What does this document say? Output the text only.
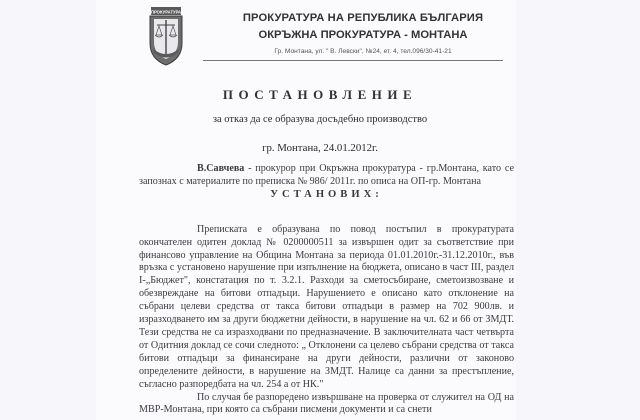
ПРОКУРАТУРА
ПРОКУРАТУРА НА РЕПУБЛИКА БЪЛГАРИЯ
ОКРЪЖНА ПРОКУРАТУРА - МОНТАНА
Гр. Монтана, ул. " В. Левски", №24, ет. 4, тел.096/30-41-21
ПОСТАНОВЛЕНИЕ
за отказ да се образува досъдебно производство
гр. Монтана, 24.01.2012г.

В.Савчева - прокурор при Окръжна прокуратура - гр.Монтана, като се запознах с материалите по преписка № 986/ 2011г. по описа на ОП-гр. Монтана

УСТАНОВИХ:

Преписката е образувана по повод постъпил в прокуратурата окончателен одитен доклад № 0200000511 за извършен одит за съответствие при финансово управление на Община Монтана за периода 01.01.2010г.-31.12.2010г., във връзка с установено нарушение при изпълнение на бюджета, описано в част III, раздел I-„Бюджет", констатация по т. 3.2.1. Разходи за сметосъбиране, сметоизвозване и обезвреждане на битови отпадъци. Нарушението е описано като отклонение на събрани целеви средства от такса битови отпадъци в размер на 702 900лв. и изразходването им за други бюджетни дейности, в нарушение на чл. 62 и 66 от ЗМДТ. Тези средства не са изразходвани по предназначение. В заключителната част четвърта от Одитния доклад се сочи следното: „ Отклонени са целево събрани средства от такса битови отпадъци за финансиране на други дейности, различни от законово определените дейности, в нарушение на ЗМДТ. Налице са данни за престъпление, съгласно разпоредбата на чл. 254 а от НК."

По случая бе разпоредено извършване на проверка от служител на ОД на МВР-Монтана, при която са събрани писмени документи и са снети
